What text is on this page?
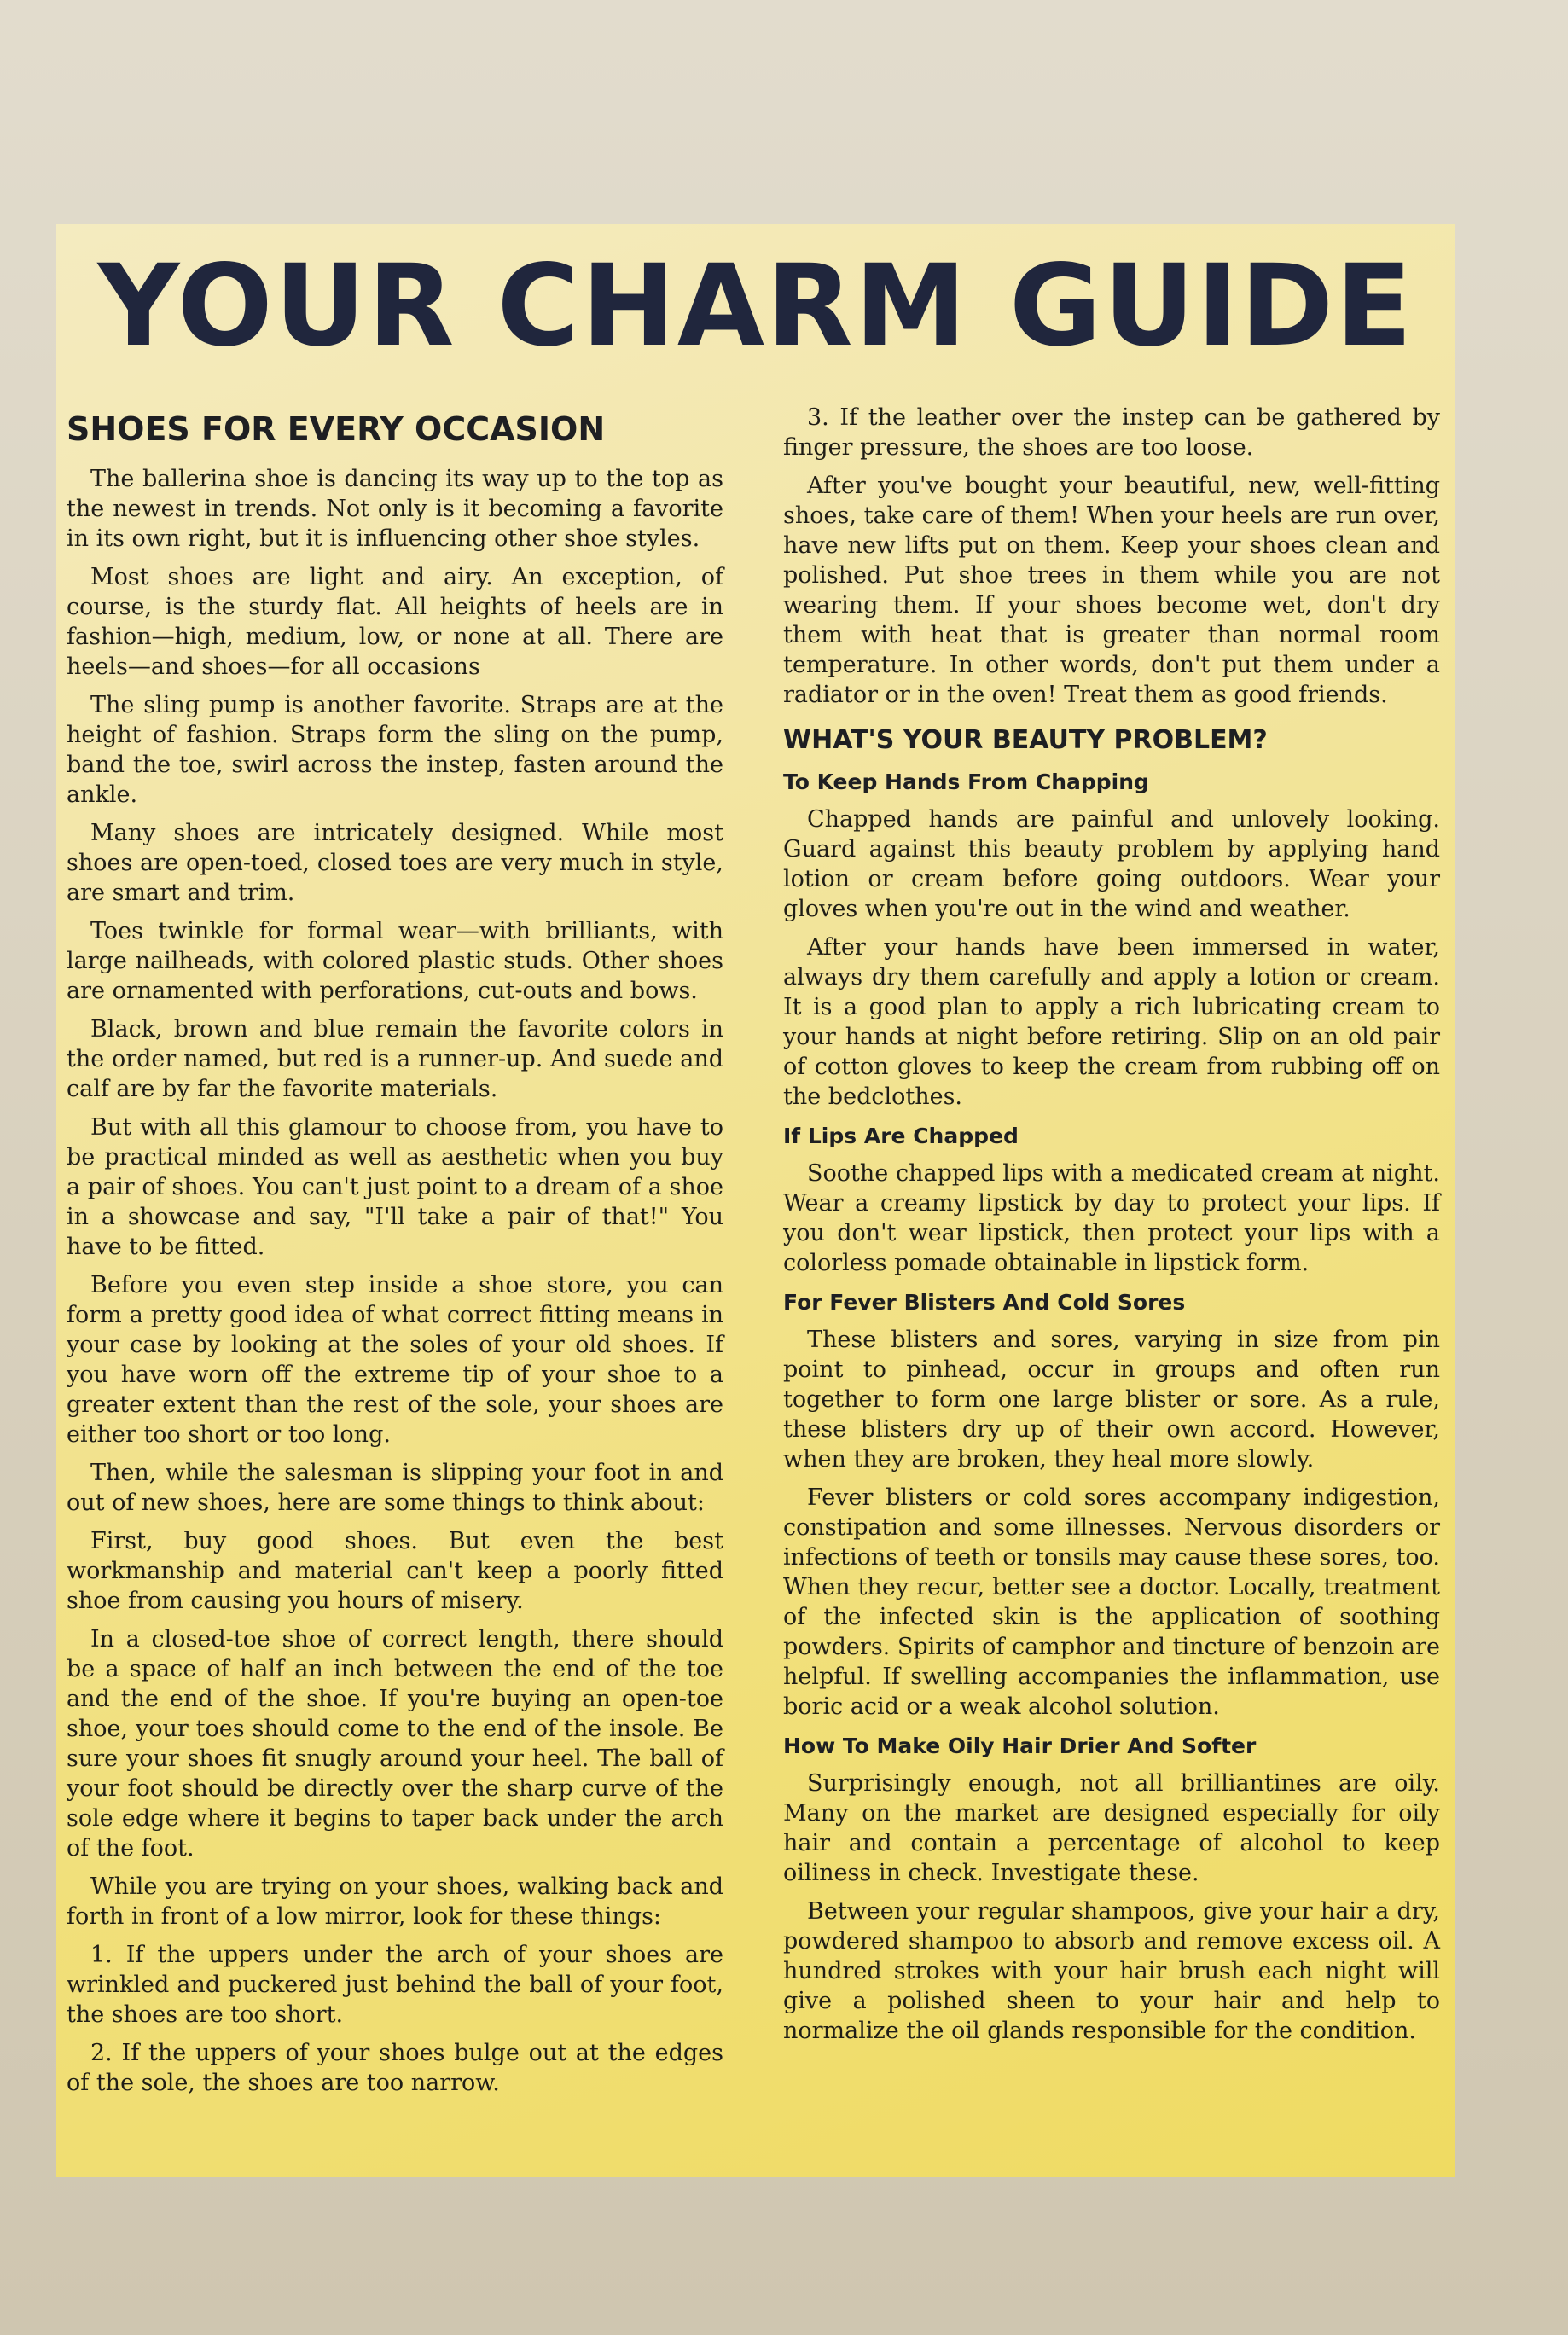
YOUR CHARM GUIDE
SHOES FOR EVERY OCCASION

The ballerina shoe is dancing its way up to the top as the newest in trends. Not only is it becoming a favorite in its own right, but it is influencing other shoe styles.

Most shoes are light and airy. An exception, of course, is the sturdy flat. All heights of heels are in fashion—high, medium, low, or none at all. There are heels—and shoes—for all occasions

The sling pump is another favorite. Straps are at the height of fashion. Straps form the sling on the pump, band the toe, swirl across the instep, fasten around the ankle.

Many shoes are intricately designed. While most shoes are open-toed, closed toes are very much in style, are smart and trim.

Toes twinkle for formal wear—with brilliants, with large nailheads, with colored plastic studs. Other shoes are ornamented with perforations, cut-outs and bows.

Black, brown and blue remain the favorite colors in the order named, but red is a runner-up. And suede and calf are by far the favorite materials.

But with all this glamour to choose from, you have to be practical minded as well as aesthetic when you buy a pair of shoes. You can't just point to a dream of a shoe in a showcase and say, "I'll take a pair of that!" You have to be fitted.

Before you even step inside a shoe store, you can form a pretty good idea of what correct fitting means in your case by looking at the soles of your old shoes. If you have worn off the extreme tip of your shoe to a greater extent than the rest of the sole, your shoes are either too short or too long.

Then, while the salesman is slipping your foot in and out of new shoes, here are some things to think about:

First, buy good shoes. But even the best workmanship and material can't keep a poorly fitted shoe from causing you hours of misery.

In a closed-toe shoe of correct length, there should be a space of half an inch between the end of the toe and the end of the shoe. If you're buying an open-toe shoe, your toes should come to the end of the insole. Be sure your shoes fit snugly around your heel. The ball of your foot should be directly over the sharp curve of the sole edge where it begins to taper back under the arch of the foot.

While you are trying on your shoes, walking back and forth in front of a low mirror, look for these things:

1. If the uppers under the arch of your shoes are wrinkled and puckered just behind the ball of your foot, the shoes are too short.

2. If the uppers of your shoes bulge out at the edges of the sole, the shoes are too narrow.

3. If the leather over the instep can be gathered by finger pressure, the shoes are too loose.

After you've bought your beautiful, new, well-fitting shoes, take care of them! When your heels are run over, have new lifts put on them. Keep your shoes clean and polished. Put shoe trees in them while you are not wearing them. If your shoes become wet, don't dry them with heat that is greater than normal room temperature. In other words, don't put them under a radiator or in the oven! Treat them as good friends.

WHAT'S YOUR BEAUTY PROBLEM?
To Keep Hands From Chapping

Chapped hands are painful and unlovely looking. Guard against this beauty problem by applying hand lotion or cream before going outdoors. Wear your gloves when you're out in the wind and weather.

After your hands have been immersed in water, always dry them carefully and apply a lotion or cream. It is a good plan to apply a rich lubricating cream to your hands at night before retiring. Slip on an old pair of cotton gloves to keep the cream from rubbing off on the bedclothes.

If Lips Are Chapped

Soothe chapped lips with a medicated cream at night. Wear a creamy lipstick by day to protect your lips. If you don't wear lipstick, then protect your lips with a colorless pomade obtainable in lipstick form.

For Fever Blisters And Cold Sores

These blisters and sores, varying in size from pin point to pinhead, occur in groups and often run together to form one large blister or sore. As a rule, these blisters dry up of their own accord. However, when they are broken, they heal more slowly.

Fever blisters or cold sores accompany indigestion, constipation and some illnesses. Nervous disorders or infections of teeth or tonsils may cause these sores, too. When they recur, better see a doctor. Locally, treatment of the infected skin is the application of soothing powders. Spirits of camphor and tincture of benzoin are helpful. If swelling accompanies the inflammation, use boric acid or a weak alcohol solution.

How To Make Oily Hair Drier And Softer

Surprisingly enough, not all brilliantines are oily. Many on the market are designed especially for oily hair and contain a percentage of alcohol to keep oiliness in check. Investigate these.

Between your regular shampoos, give your hair a dry, powdered shampoo to absorb and remove excess oil. A hundred strokes with your hair brush each night will give a polished sheen to your hair and help to normalize the oil glands responsible for the condition.
